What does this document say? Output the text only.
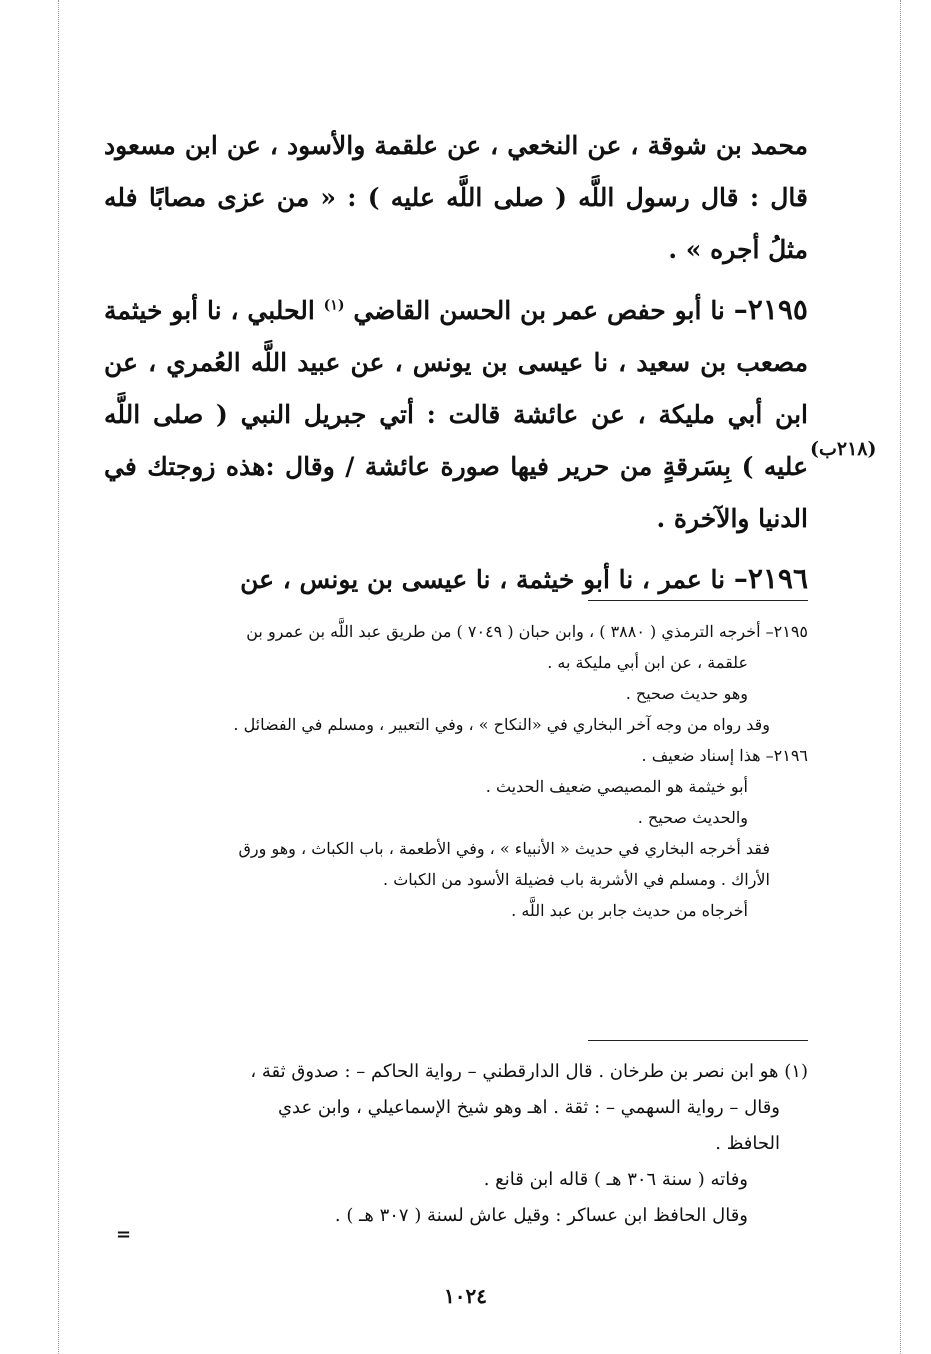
محمد بن شوقة ، عن النخعي ، عن علقمة والأسود ، عن ابن مسعود قال : قال رسول اللَّه ( صلى اللَّه عليه ) : « من عزى مصابًا فله مثلُ أجره » .

٢١٩٥– نا أبو حفص عمر بن الحسن القاضي $^{(١)}$ الحلبي ، نا أبو خيثمة مصعب بن سعيد ، نا عيسى بن يونس ، عن عبيد اللَّه العُمري ، عن ابن أبي مليكة ، عن عائشة قالت : أتي جبريل النبي ( صلى اللَّه عليه ) بِسَرقةٍ من حرير فيها صورة عائشة / وقال :هذه زوجتك في الدنيا والآخرة .

٢١٩٦– نا عمر ، نا أبو خيثمة ، نا عيسى بن يونس ، عن

(٢١٨ب)
٢١٩٥– أخرجه الترمذي ( ٣٨٨٠ ) ، وابن حبان ( ٧٠٤٩ ) من طريق عبد اللَّه بن عمرو بن
علقمة ، عن ابن أبي مليكة به .
وهو حديث صحيح .
وقد رواه من وجه آخر البخاري في «النكاح » ، وفي التعبير ، ومسلم في الفضائل .
٢١٩٦– هذا إسناد ضعيف .
أبو خيثمة هو المصيصي ضعيف الحديث .
والحديث صحيح .
فقد أخرجه البخاري في حديث « الأنبياء » ، وفي الأطعمة ، باب الكباث ، وهو ورق
الأراك . ومسلم في الأشربة باب فضيلة الأسود من الكباث .
أخرجاه من حديث جابر بن عبد اللَّه .
(١) هو ابن نصر بن طرخان . قال الدارقطني – رواية الحاكم – : صدوق ثقة ،
وقال – رواية السهمي – : ثقة . اهـ وهو شيخ الإسماعيلي ، وابن عدي
الحافظ .
وفاته ( سنة ٣٠٦ هـ ) قاله ابن قانع .
وقال الحافظ ابن عساكر : وقيل عاش لسنة ( ٣٠٧ هـ ) .
=
١٠٢٤
